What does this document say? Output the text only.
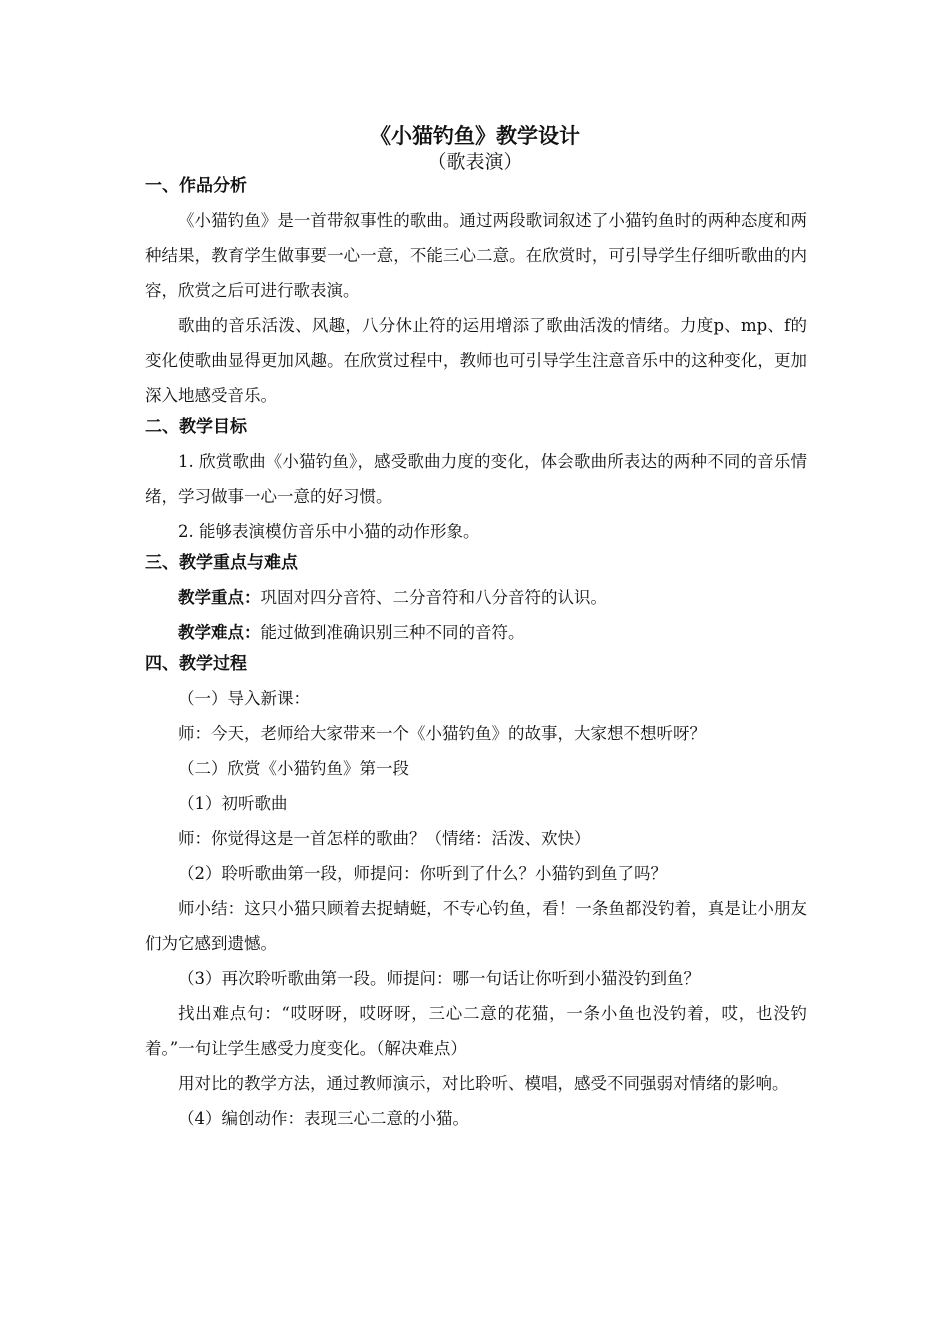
《小猫钓鱼》教学设计
（歌表演）
一、作品分析

《小猫钓鱼》是一首带叙事性的歌曲。通过两段歌词叙述了小猫钓鱼时的两种态度和两种结果，教育学生做事要一心一意，不能三心二意。在欣赏时，可引导学生仔细听歌曲的内容，欣赏之后可进行歌表演。

歌曲的音乐活泼、风趣，八分休止符的运用增添了歌曲活泼的情绪。力度p、mp、f的变化使歌曲显得更加风趣。在欣赏过程中，教师也可引导学生注意音乐中的这种变化，更加深入地感受音乐。

二、教学目标

1. 欣赏歌曲《小猫钓鱼》，感受歌曲力度的变化，体会歌曲所表达的两种不同的音乐情绪，学习做事一心一意的好习惯。

2. 能够表演模仿音乐中小猫的动作形象。

三、教学重点与难点

教学重点：巩固对四分音符、二分音符和八分音符的认识。

教学难点：能过做到准确识别三种不同的音符。

四、教学过程

（一）导入新课：

师：今天，老师给大家带来一个《小猫钓鱼》的故事，大家想不想听呀？

（二）欣赏《小猫钓鱼》第一段

（1）初听歌曲

师：你觉得这是一首怎样的歌曲？（情绪：活泼、欢快）

（2）聆听歌曲第一段，师提问：你听到了什么？小猫钓到鱼了吗？

师小结：这只小猫只顾着去捉蜻蜓，不专心钓鱼，看！一条鱼都没钓着，真是让小朋友们为它感到遗憾。

（3）再次聆听歌曲第一段。师提问：哪一句话让你听到小猫没钓到鱼？

找出难点句：“哎呀呀，哎呀呀，三心二意的花猫，一条小鱼也没钓着，哎，也没钓着。”一句让学生感受力度变化。（解决难点）

用对比的教学方法，通过教师演示，对比聆听、模唱，感受不同强弱对情绪的影响。

（4）编创动作：表现三心二意的小猫。
